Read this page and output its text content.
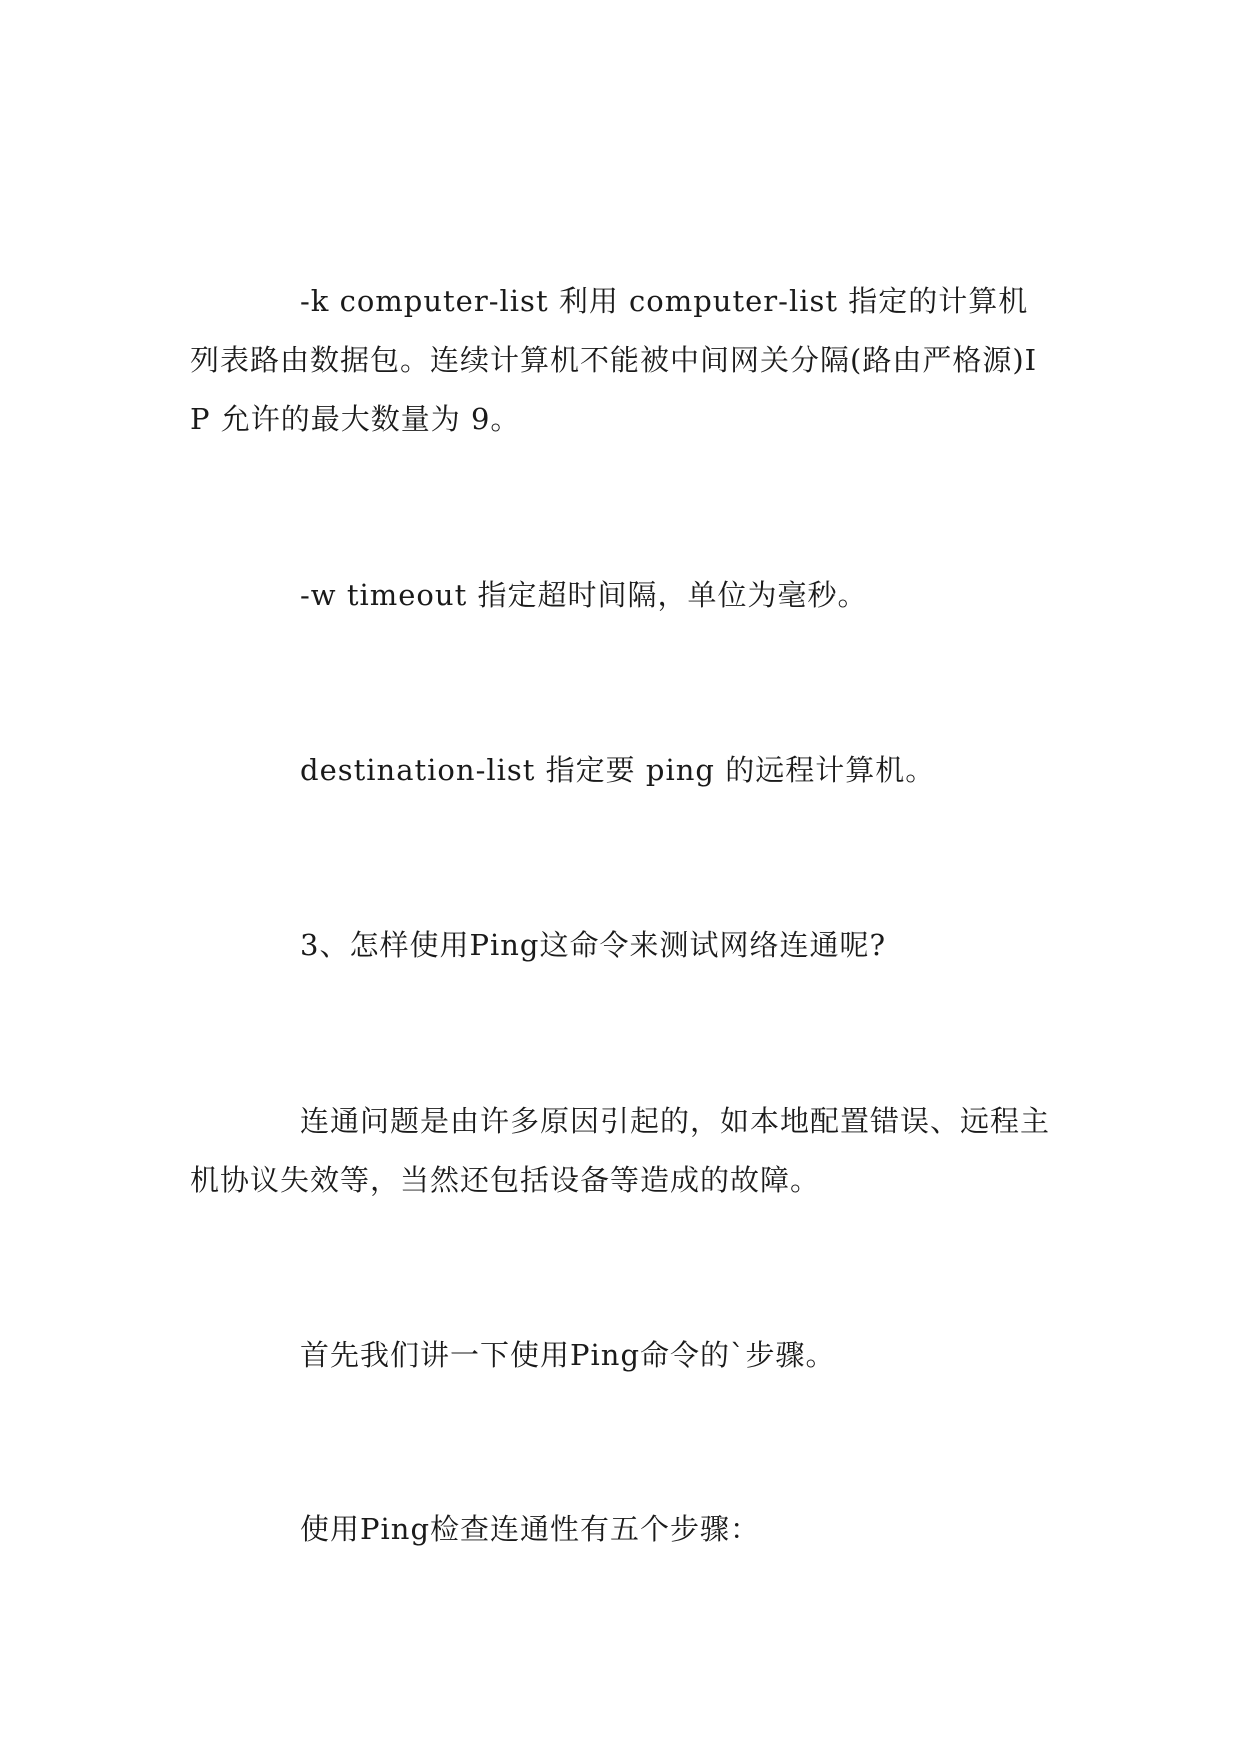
-k computer-list 利用 computer-list 指定的计算机列表路由数据包。连续计算机不能被中间网关分隔(路由严格源)IP 允许的最大数量为 9。

-w timeout 指定超时间隔，单位为毫秒。

destination-list 指定要 ping 的远程计算机。

3、怎样使用Ping这命令来测试网络连通呢?

连通问题是由许多原因引起的，如本地配置错误、远程主机协议失效等，当然还包括设备等造成的故障。

首先我们讲一下使用Ping命令的`步骤。

使用Ping检查连通性有五个步骤：
